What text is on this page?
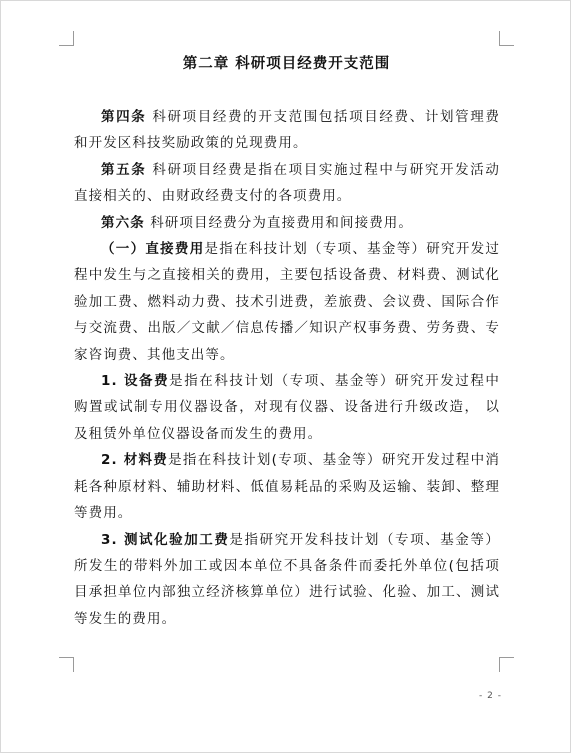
第二章 科研项目经费开支范围

第四条 科研项目经费的开支范围包括项目经费、计划管理费和开发区科技奖励政策的兑现费用。

第五条 科研项目经费是指在项目实施过程中与研究开发活动直接相关的、由财政经费支付的各项费用。

第六条 科研项目经费分为直接费用和间接费用。

（一）直接费用是指在科技计划（专项、基金等）研究开发过程中发生与之直接相关的费用，主要包括设备费、材料费、测试化验加工费、燃料动力费、技术引进费，差旅费、会议费、国际合作与交流费、出版／文献／信息传播／知识产权事务费、劳务费、专家咨询费、其他支出等。

1. 设备费是指在科技计划（专项、基金等）研究开发过程中购置或试制专用仪器设备，对现有仪器、设备进行升级改造， 以及租赁外单位仪器设备而发生的费用。

2. 材料费是指在科技计划(专项、基金等）研究开发过程中消耗各种原材料、辅助材料、低值易耗品的采购及运输、装卸、整理等费用。

3. 测试化验加工费是指研究开发科技计划（专项、基金等）所发生的带料外加工或因本单位不具备条件而委托外单位(包括项目承担单位内部独立经济核算单位）进行试验、化验、加工、测试等发生的费用。

- 2 -
